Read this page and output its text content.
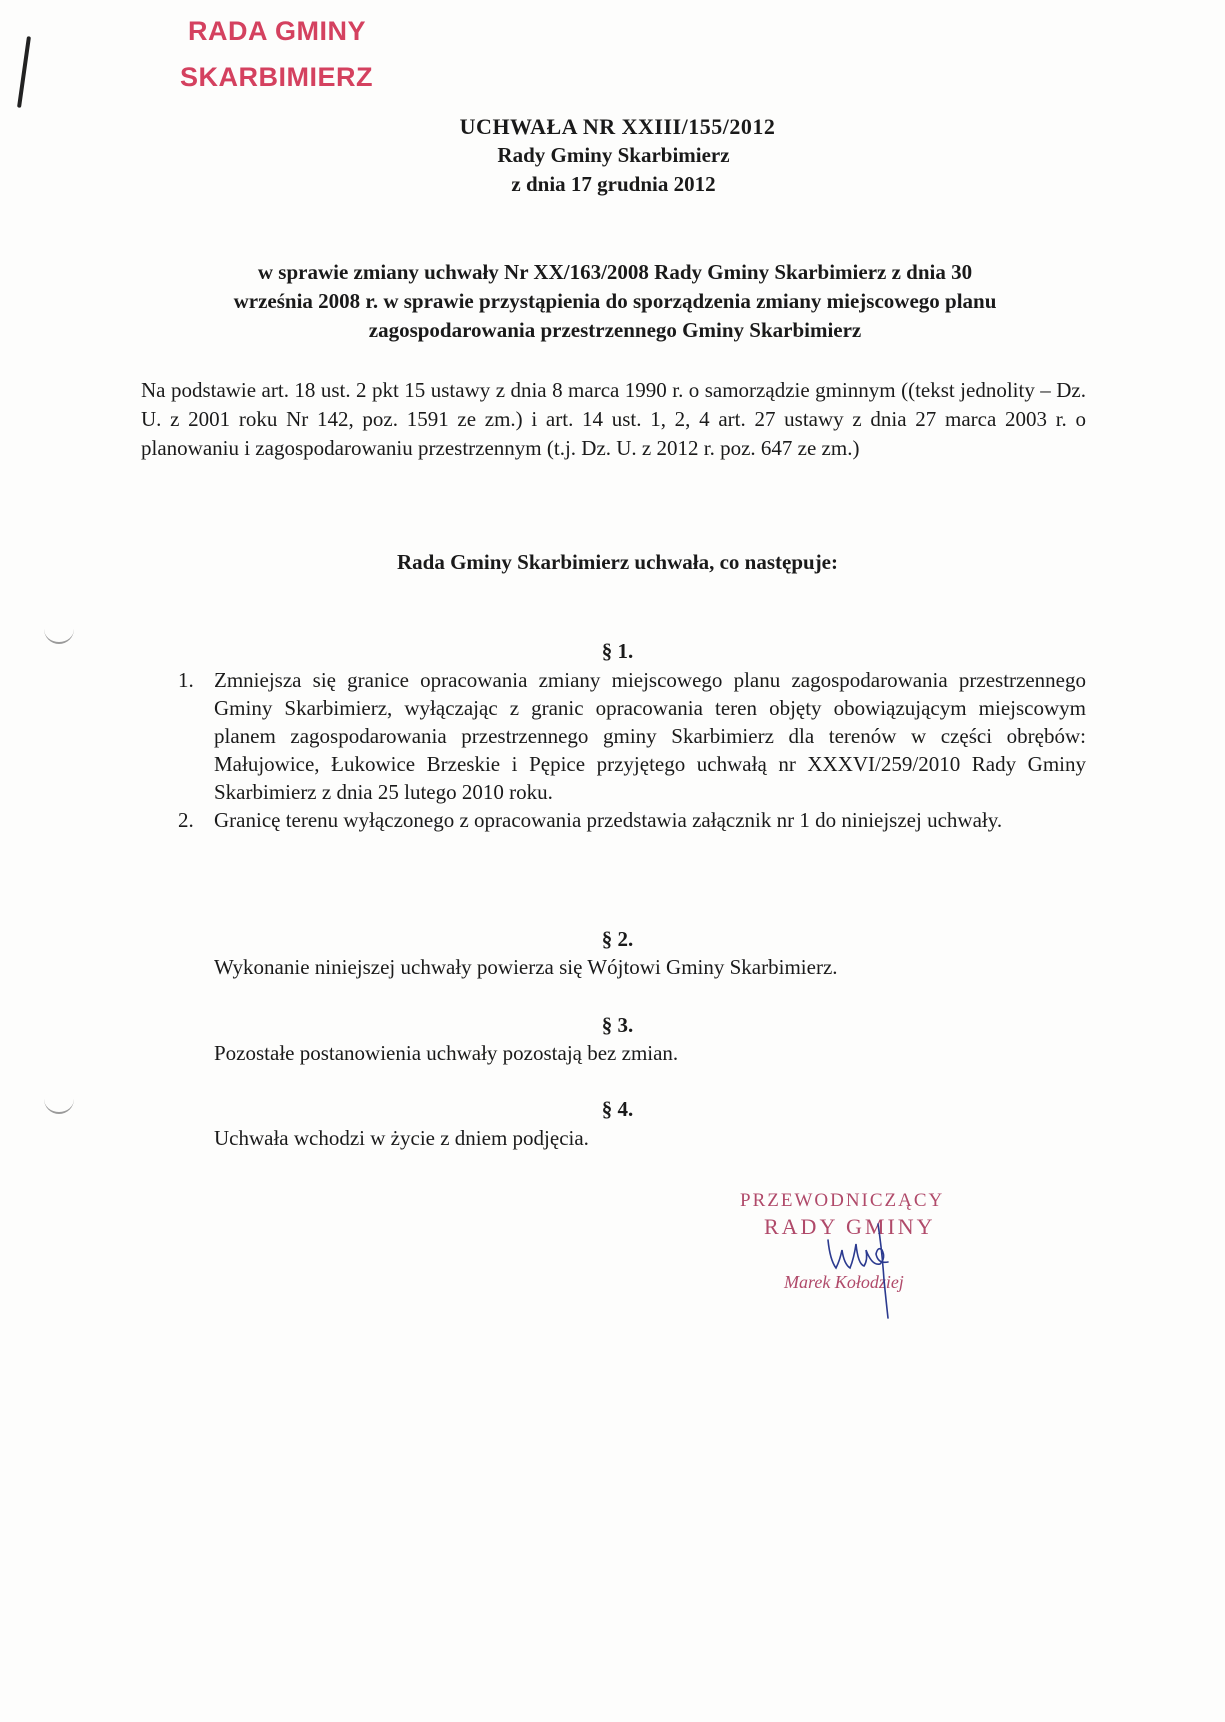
RADA GMINY
SKARBIMIERZ
UCHWAŁA NR XXIII/155/2012
Rady Gminy Skarbimierz
z dnia 17 grudnia 2012
w sprawie zmiany uchwały Nr XX/163/2008 Rady Gminy Skarbimierz z dnia 30
września 2008 r. w sprawie przystąpienia do sporządzenia zmiany miejscowego planu
zagospodarowania przestrzennego Gminy Skarbimierz
Na podstawie art. 18 ust. 2 pkt 15 ustawy z dnia 8 marca 1990 r. o samorządzie gminnym ((tekst jednolity – Dz. U. z 2001 roku Nr 142, poz. 1591 ze zm.) i art. 14 ust. 1, 2, 4 art. 27 ustawy z dnia 27 marca 2003 r. o planowaniu i zagospodarowaniu przestrzennym (t.j. Dz. U. z 2012 r. poz. 647 ze zm.)
Rada Gminy Skarbimierz uchwała, co następuje:
§ 1.
1. Zmniejsza się granice opracowania zmiany miejscowego planu zagospodarowania przestrzennego Gminy Skarbimierz, wyłączając z granic opracowania teren objęty obowiązującym miejscowym planem zagospodarowania przestrzennego gminy Skarbimierz dla terenów w części obrębów: Małujowice, Łukowice Brzeskie i Pępice przyjętego uchwałą nr XXXVI/259/2010 Rady Gminy Skarbimierz z dnia 25 lutego 2010 roku.
2. Granicę terenu wyłączonego z opracowania przedstawia załącznik nr 1 do niniejszej uchwały.
§ 2.
Wykonanie niniejszej uchwały powierza się Wójtowi Gminy Skarbimierz.
§ 3.
Pozostałe postanowienia uchwały pozostają bez zmian.
§ 4.
Uchwała wchodzi w życie z dniem podjęcia.
PRZEWODNICZĄCY
RADY GMINY
Marek Kołodziej
